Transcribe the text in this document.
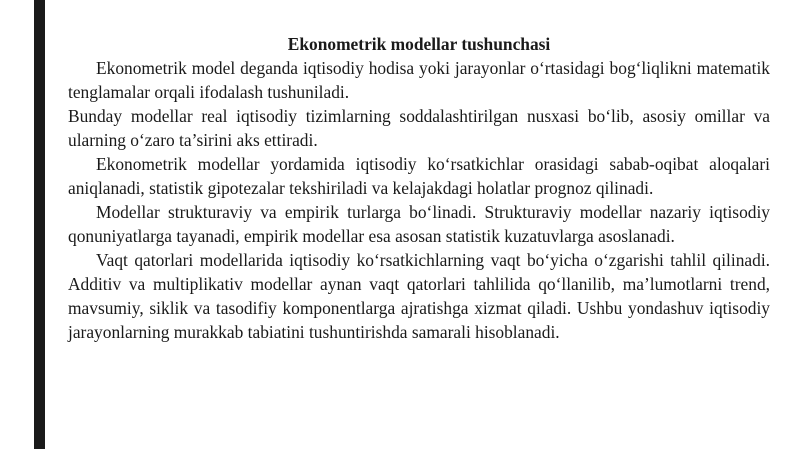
Ekonometrik modellar tushunchasi
Ekonometrik model deganda iqtisodiy hodisa yoki jarayonlar o‘rtasidagi bog‘liqlikni matematik tenglamalar orqali ifodalash tushuniladi.
Bunday modellar real iqtisodiy tizimlarning soddalashtirilgan nusxasi bo‘lib, asosiy omillar va ularning o‘zaro ta’sirini aks ettiradi.
Ekonometrik modellar yordamida iqtisodiy ko‘rsatkichlar orasidagi sabab-oqibat aloqalari aniqlanadi, statistik gipotezalar tekshiriladi va kelajakdagi holatlar prognoz qilinadi.
Modellar strukturaviy va empirik turlarga bo‘linadi. Strukturaviy modellar nazariy iqtisodiy qonuniyatlarga tayanadi, empirik modellar esa asosan statistik kuzatuvlarga asoslanadi.
Vaqt qatorlari modellarida iqtisodiy ko‘rsatkichlarning vaqt bo‘yicha o‘zgarishi tahlil qilinadi. Additiv va multiplikativ modellar aynan vaqt qatorlari tahlilida qo‘llanilib, ma’lumotlarni trend, mavsumiy, siklik va tasodifiy komponentlarga ajratishga xizmat qiladi. Ushbu yondashuv iqtisodiy jarayonlarning murakkab tabiatini tushuntirishda samarali hisoblanadi.
